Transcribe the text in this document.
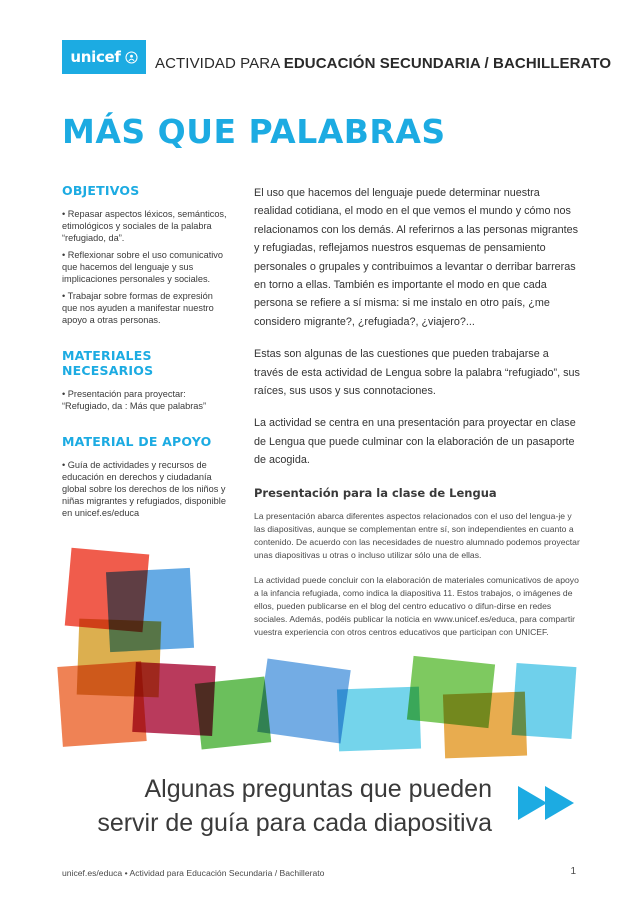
unicef ACTIVIDAD PARA EDUCACIÓN SECUNDARIA / BACHILLERATO
MÁS QUE PALABRAS
OBJETIVOS
• Repasar aspectos léxicos, semánticos, etimológicos y sociales de la palabra “refugiado, da”.
• Reflexionar sobre el uso comunicativo que hacemos del lenguaje y sus implicaciones personales y sociales.
• Trabajar sobre formas de expresión que nos ayuden a manifestar nuestro apoyo a otras personas.
MATERIALES NECESARIOS
• Presentación para proyectar: “Refugiado, da : Más que palabras”
MATERIAL DE APOYO
• Guía de actividades y recursos de educación en derechos y ciudadanía global sobre los derechos de los niños y niñas migrantes y refugiados, disponible en unicef.es/educa

El uso que hacemos del lenguaje puede determinar nuestra realidad cotidiana, el modo en el que vemos el mundo y cómo nos relacionamos con los demás. Al referirnos a las personas migrantes y refugiadas, reflejamos nuestros esquemas de pensamiento personales o grupales y contribuimos a levantar o derribar barreras en torno a ellas. También es importante el modo en que cada persona se refiere a sí misma: si me instalo en otro país, ¿me considero migrante?, ¿refugiada?, ¿viajero?...

Estas son algunas de las cuestiones que pueden trabajarse a través de esta actividad de Lengua sobre la palabra “refugiado”, sus raíces, sus usos y sus connotaciones.

La actividad se centra en una presentación para proyectar en clase de Lengua que puede culminar con la elaboración de un pasaporte de acogida.

Presentación para la clase de Lengua

La presentación abarca diferentes aspectos relacionados con el uso del lengua-je y las diapositivas, aunque se complementan entre sí, son independientes en cuanto a contenido. De acuerdo con las necesidades de nuestro alumnado podemos proyectar unas diapositivas u otras o incluso utilizar sólo una de ellas.

La actividad puede concluir con la elaboración de materiales comunicativos de apoyo a la infancia refugiada, como indica la diapositiva 11. Estos trabajos, o imágenes de ellos, pueden publicarse en el blog del centro educativo o difun-dirse en redes sociales. Además, podéis publicar la noticia en www.unicef.es/educa, para compartir vuestra experiencia con otros centros educativos que participan con UNICEF.

Algunas preguntas que pueden
servir de guía para cada diapositiva
unicef.es/educa • Actividad para Educación Secundaria / Bachillerato	1
